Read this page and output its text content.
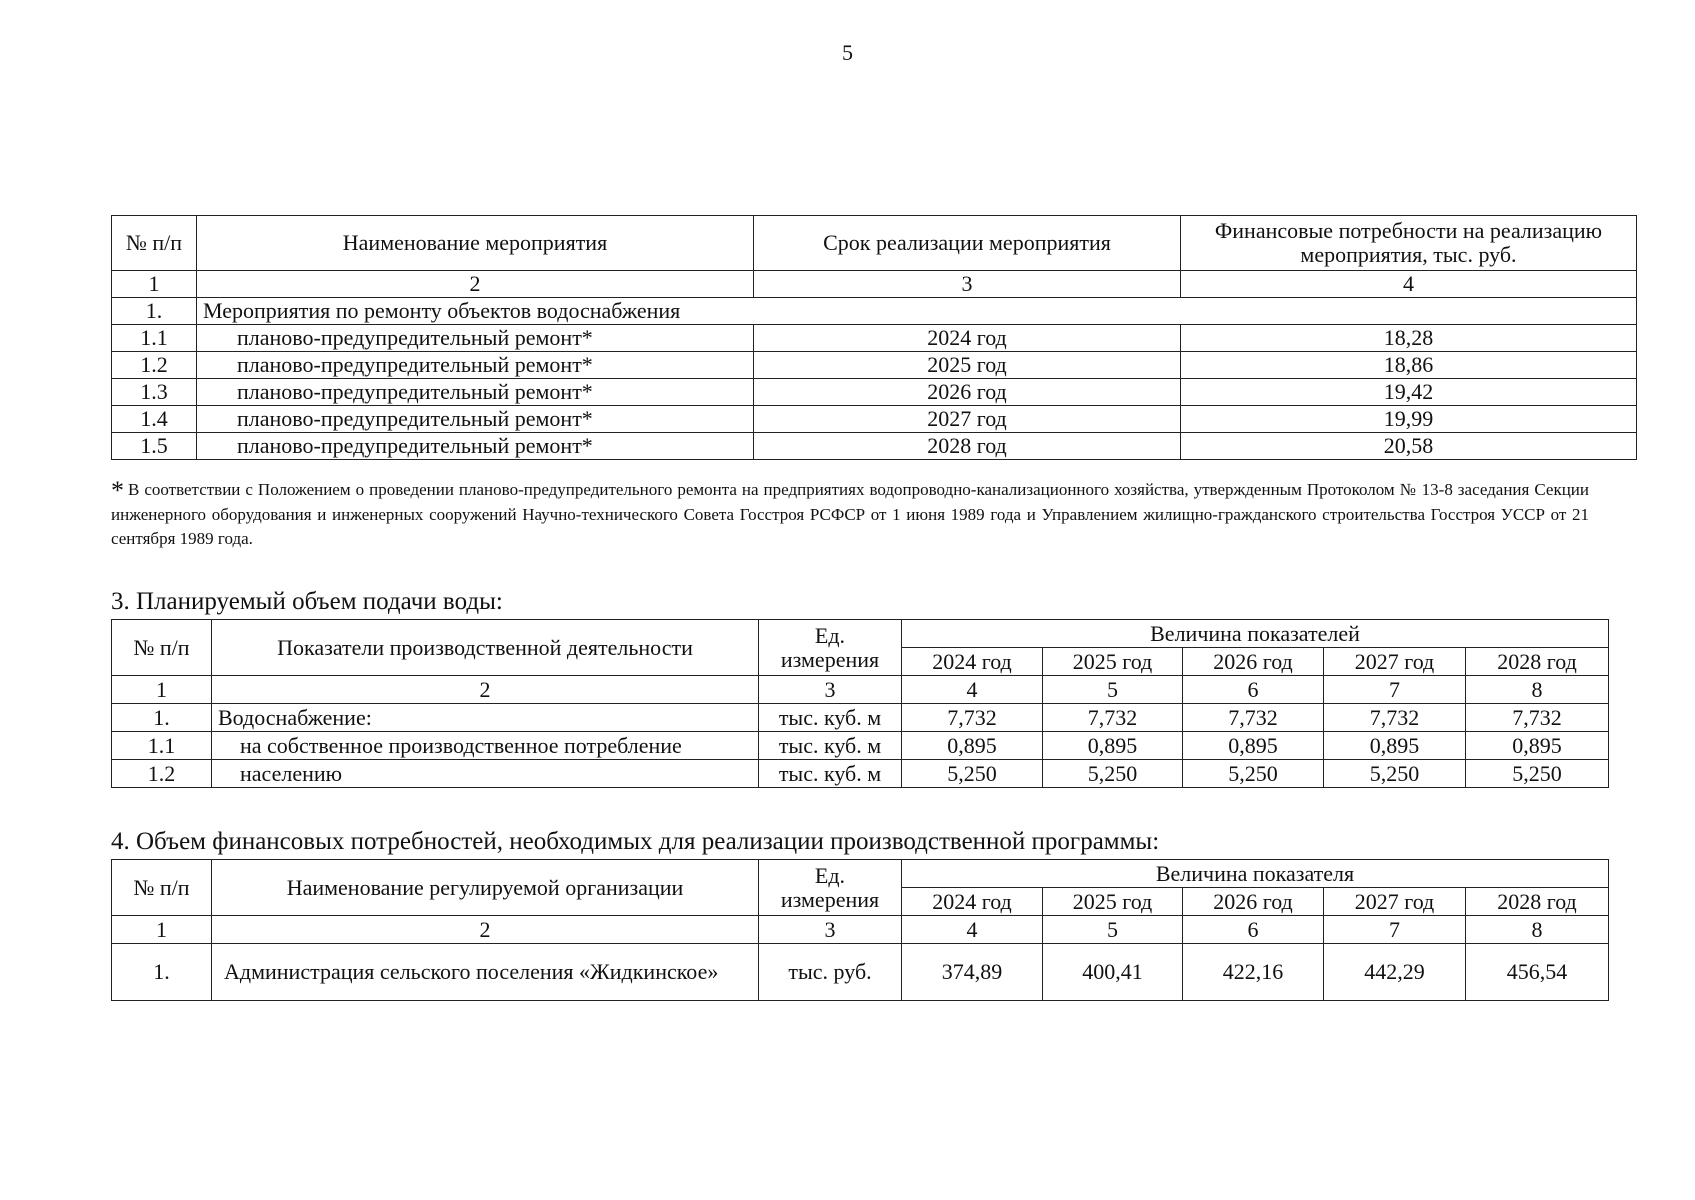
5
№ п/п	Наименование мероприятия	Срок реализации мероприятия	Финансовые потребности на реализацию мероприятия, тыс. руб.
1	2	3	4
1.	Мероприятия по ремонту объектов водоснабжения		
1.1	планово-предупредительный ремонт*	2024 год	18,28
1.2	планово-предупредительный ремонт*	2025 год	18,86
1.3	планово-предупредительный ремонт*	2026 год	19,42
1.4	планово-предупредительный ремонт*	2027 год	19,99
1.5	планово-предупредительный ремонт*	2028 год	20,58
* В соответствии с Положением о проведении планово-предупредительного ремонта на предприятиях водопроводно-канализационного хозяйства, утвержденным Протоколом № 13-8 заседания Секции инженерного оборудования и инженерных сооружений Научно-технического Совета Госстроя РСФСР от 1 июня 1989 года и Управлением жилищно-гражданского строительства Госстроя УССР от 21 сентября 1989 года.
3. Планируемый объем подачи воды:
№ п/п	Показатели производственной деятельности	Ед. измерения	Величина показателей				
			2024 год	2025 год	2026 год	2027 год	2028 год
1	2	3	4	5	6	7	8
1.	Водоснабжение:	тыс. куб. м	7,732	7,732	7,732	7,732	7,732
1.1	на собственное производственное потребление	тыс. куб. м	0,895	0,895	0,895	0,895	0,895
1.2	населению	тыс. куб. м	5,250	5,250	5,250	5,250	5,250
4. Объем финансовых потребностей, необходимых для реализации производственной программы:
№ п/п	Наименование регулируемой организации	Ед. измерения	Величина показателя				
			2024 год	2025 год	2026 год	2027 год	2028 год
1	2	3	4	5	6	7	8
1.	Администрация сельского поселения «Жидкинское»	тыс. руб.	374,89	400,41	422,16	442,29	456,54
